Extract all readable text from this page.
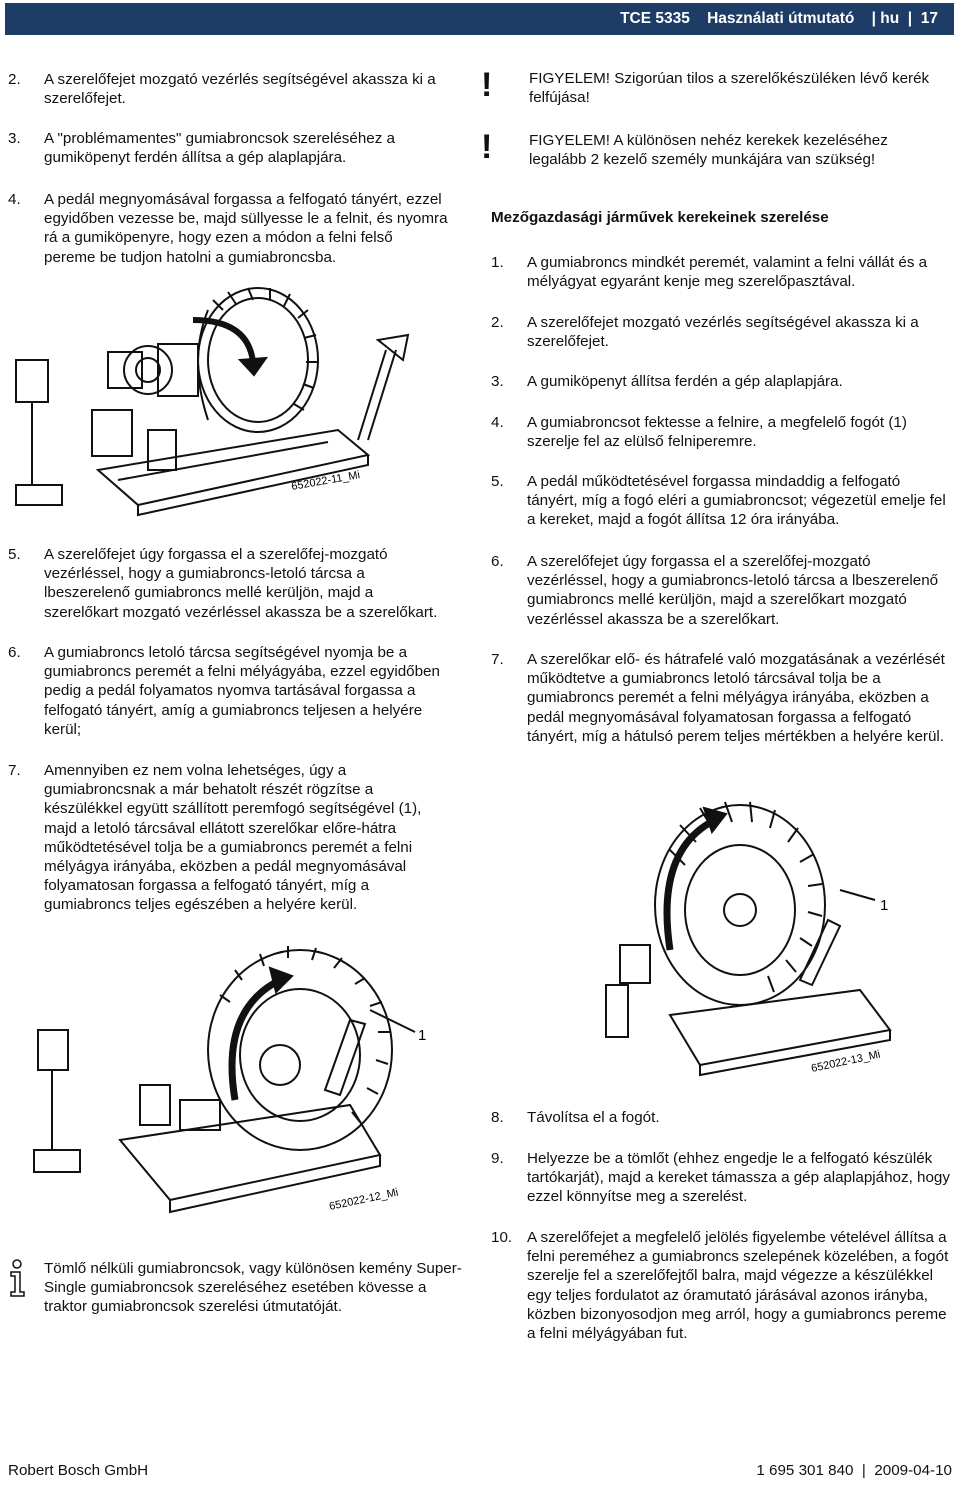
TCE 5335 Használati útmutató    | hu  |  17
2. A szerelőfejet mozgató vezérlés segítségével akassza ki a szerelőfejet.
3. A "problémamentes" gumiabroncsok szereléséhez a gumiköpenyt ferdén állítsa a gép alaplapjára.
4. A pedál megnyomásával forgassa a felfogató tányért, ezzel egyidőben vezesse be, majd süllyesse le a felnit, és nyomra rá a gumiköpenyre, hogy ezen a módon a felni felső pereme be tudjon hatolni a gumiabroncsba.
652022-11_Mi
5. A szerelőfejet úgy forgassa el a szerelőfej-mozgató vezérléssel, hogy a gumiabroncs-letoló tárcsa a lbeszerelenő gumiabroncs mellé kerüljön, majd a szerelőkart mozgató vezérléssel akassza be a szerelőkart.
6. A gumiabroncs letoló tárcsa segítségével nyomja be a gumiabroncs peremét a felni mélyágyába, ezzel egyidőben pedig a pedál folyamatos nyomva tartásával forgassa a felfogató tányért, amíg a gumiabroncs teljesen a helyére kerül;
7. Amennyiben ez nem volna lehetséges, úgy a gumiabroncsnak a már behatolt részét rögzítse a készülékkel együtt szállított peremfogó segítségével (1), majd a letoló tárcsával ellátott szerelőkar előre-hátra működtetésével tolja be a gumiabroncs peremét a felni mélyágya irányába, eközben a pedál megnyomásával folyamatosan forgassa a felfogató tányért, míg a gumiabroncs teljes egészében a helyére kerül.
1
652022-12_Mi
Tömlő nélküli gumiabroncsok, vagy különösen kemény Super-Single gumiabroncsok szereléséhez esetében kövesse a traktor gumiabroncsok szerelési útmutatóját.
! FIGYELEM! Szigorúan tilos a szerelőkészüléken lévő kerék felfújása!
! FIGYELEM! A különösen nehéz kerekek kezeléséhez legalább 2 kezelő személy munkájára van szükség!
Mezőgazdasági járművek kerekeinek szerelése
1. A gumiabroncs mindkét peremét, valamint a felni vállát és a mélyágyat egyaránt kenje meg szerelőpasztával.
2. A szerelőfejet mozgató vezérlés segítségével akassza ki a szerelőfejet.
3. A gumiköpenyt állítsa ferdén a gép alaplapjára.
4. A gumiabroncsot fektesse a felnire, a megfelelő fogót (1) szerelje fel az elülső felniperemre.
5. A pedál működtetésével forgassa mindaddig a felfogató tányért, míg a fogó eléri a gumiabroncsot; végezetül emelje fel a kereket, majd a fogót állítsa 12 óra irányába.
6. A szerelőfejet úgy forgassa el a szerelőfej-mozgató vezérléssel, hogy a gumiabroncs-letoló tárcsa a lbeszerelenő gumiabroncs mellé kerüljön, majd a szerelőkart mozgató vezérléssel akassza be a szerelőkart.
7. A szerelőkar elő- és hátrafelé való mozgatásának a vezérlését működtetve a gumiabroncs letoló tárcsával tolja be a gumiabroncs peremét a felni mélyágya irányába, eközben a pedál megnyomásával folyamatosan forgassa a felfogató tányért, míg a hátulsó perem teljes mértékben a helyére kerül.
1
652022-13_Mi
8. Távolítsa el a fogót.
9. Helyezze be a tömlőt (ehhez engedje le a felfogató készülék tartókarját), majd a kereket támassza a gép alaplapjához, hogy ezzel könnyítse meg a szerelést.
10. A szerelőfejet a megfelelő jelölés figyelembe vételével állítsa a felni pereméhez a gumiabroncs szelepének közelében, a fogót szerelje fel a szerelőfejtől balra, majd végezze a készülékkel egy teljes fordulatot az óramutató járásával azonos irányba, közben bizonyosodjon meg arról, hogy a gumiabroncs pereme a felni mélyágyában fut.
Robert Bosch GmbH	1 695 301 840  |  2009-04-10
